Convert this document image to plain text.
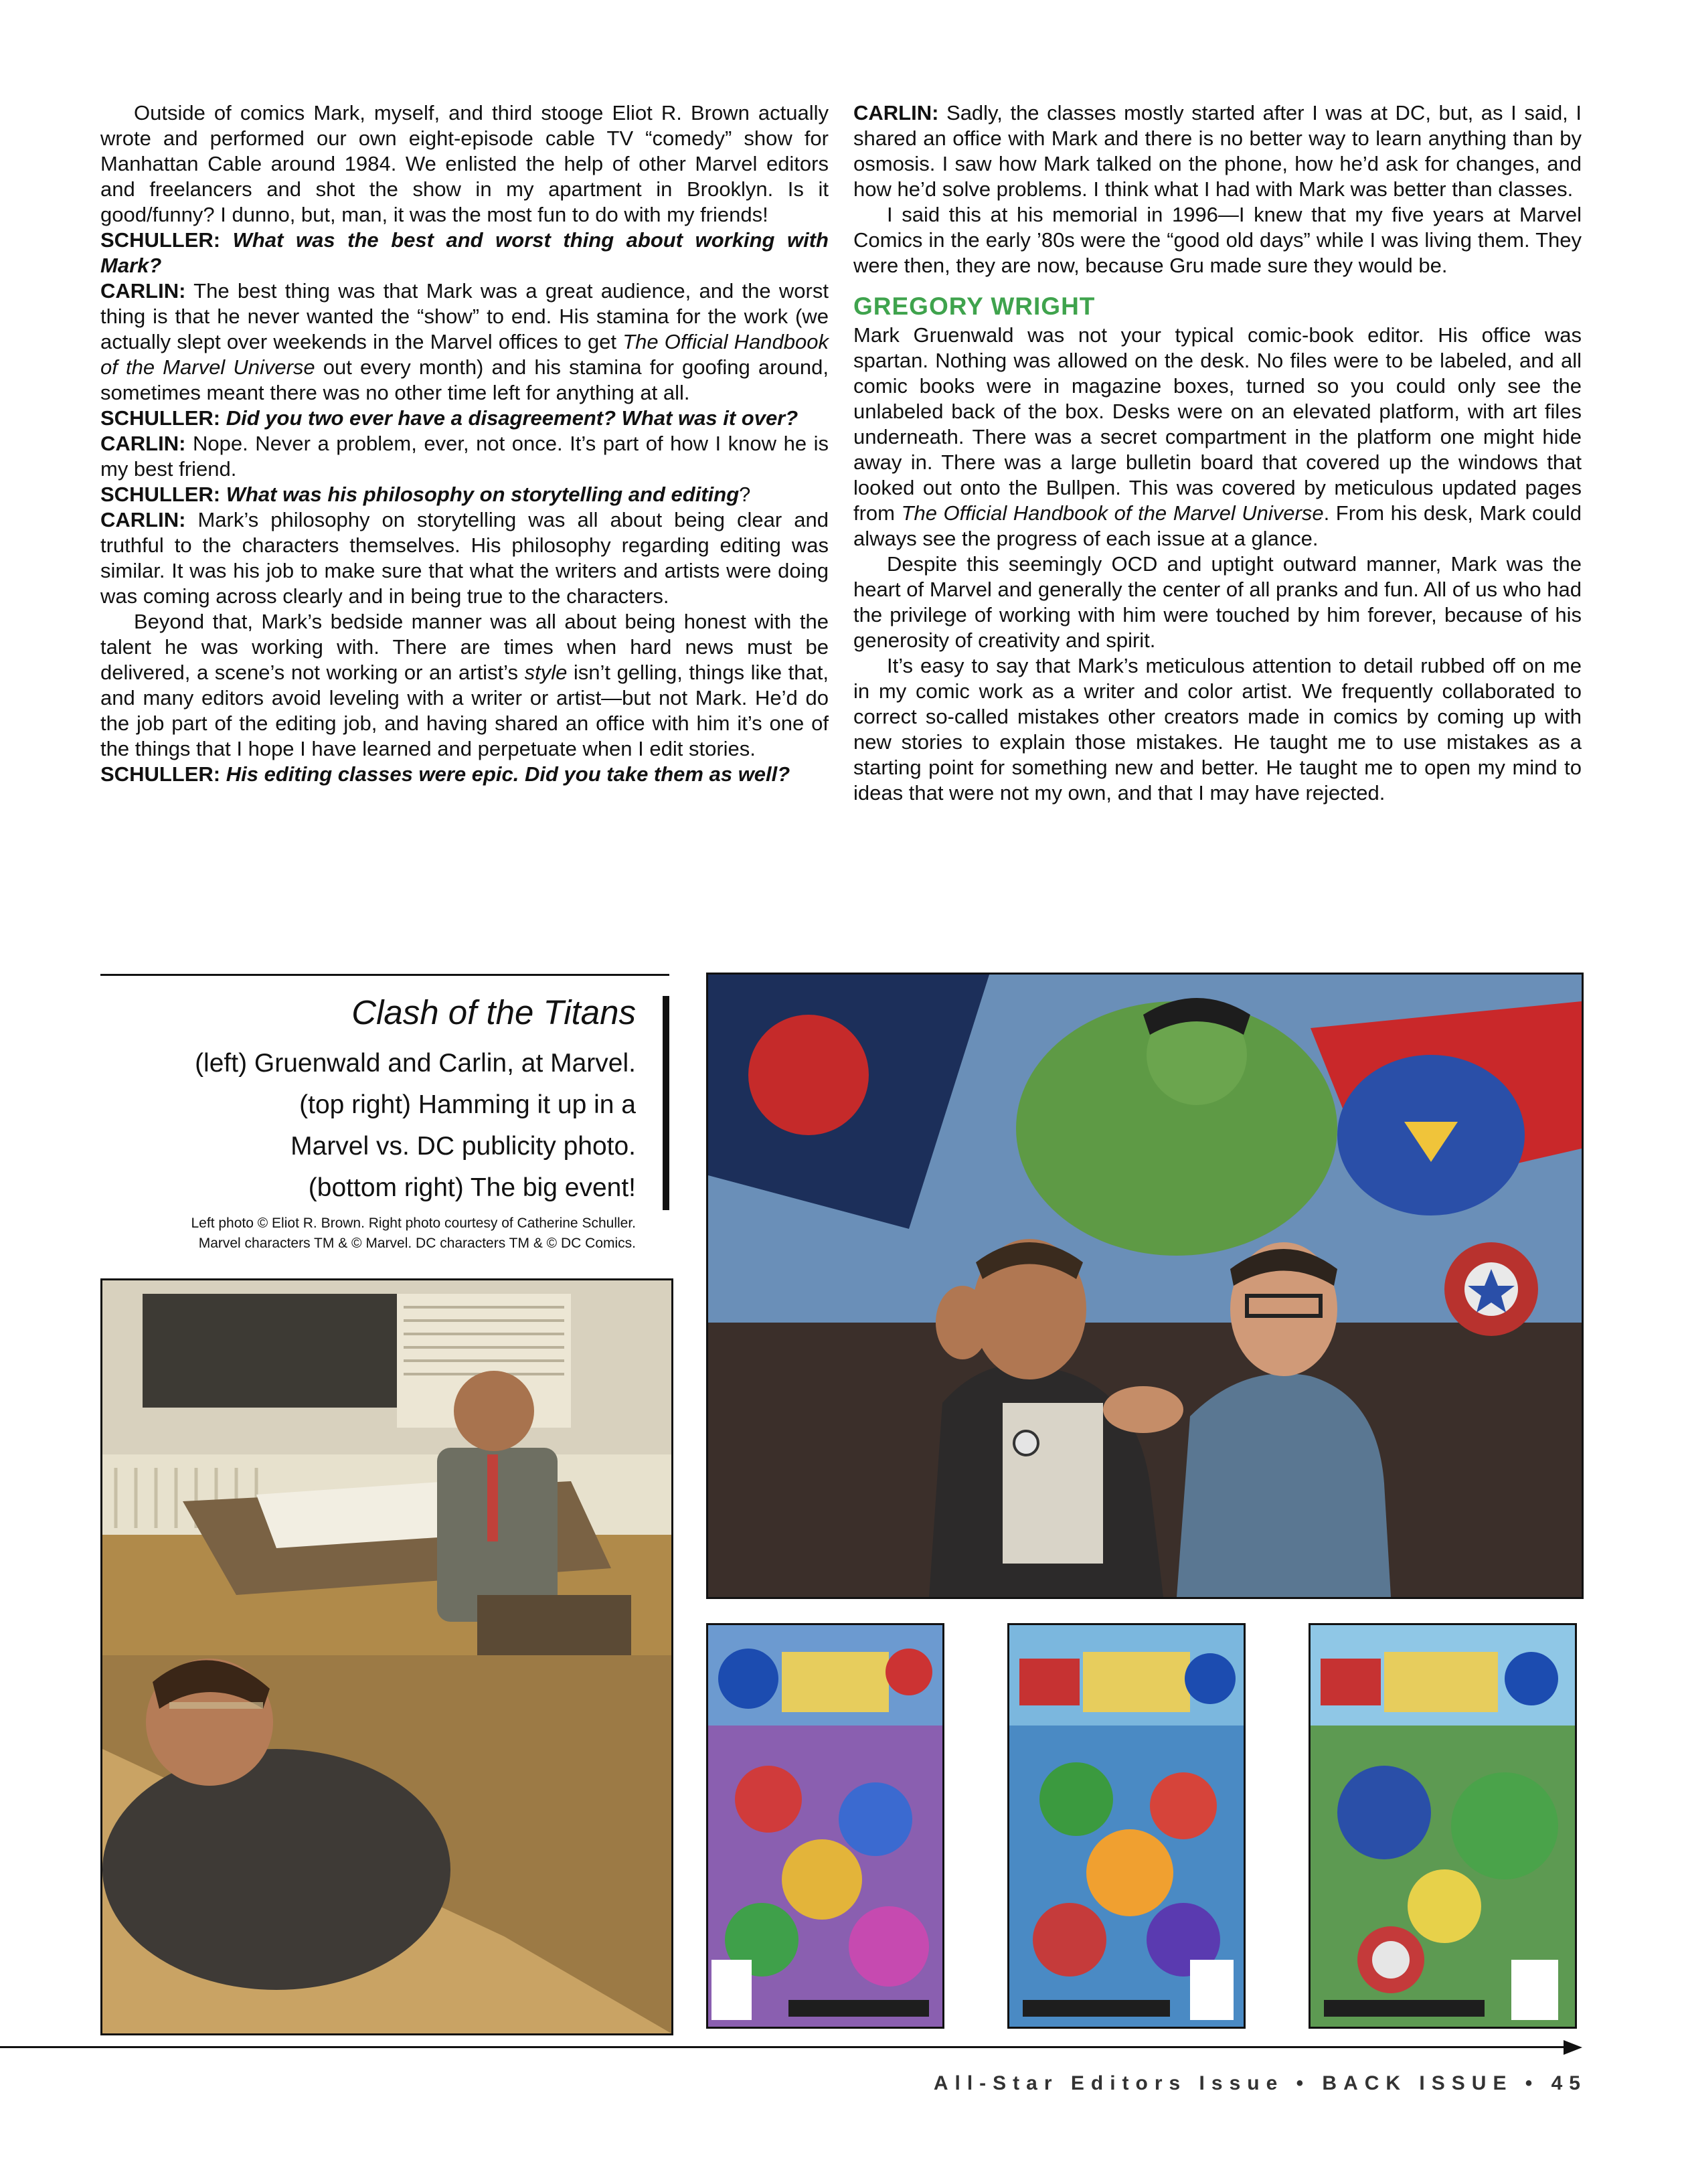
Outside of comics Mark, myself, and third stooge Eliot R. Brown actually wrote and performed our own eight-episode cable TV “comedy” show for Manhattan Cable around 1984. We enlisted the help of other Marvel editors and freelancers and shot the show in my apartment in Brooklyn. Is it good/funny? I dunno, but, man, it was the most fun to do with my friends!

SCHULLER: What was the best and worst thing about working with Mark?

CARLIN: The best thing was that Mark was a great audience, and the worst thing is that he never wanted the “show” to end. His stamina for the work (we actually slept over weekends in the Marvel offices to get The Official Handbook of the Marvel Universe out every month) and his stamina for goofing around, sometimes meant there was no other time left for anything at all.

SCHULLER: Did you two ever have a disagreement? What was it over?

CARLIN: Nope. Never a problem, ever, not once. It’s part of how I know he is my best friend.

SCHULLER: What was his philosophy on storytelling and editing?

CARLIN: Mark’s philosophy on storytelling was all about being clear and truthful to the characters themselves. His philosophy regarding editing was similar. It was his job to make sure that what the writers and artists were doing was coming across clearly and in being true to the characters.

Beyond that, Mark’s bedside manner was all about being honest with the talent he was working with. There are times when hard news must be delivered, a scene’s not working or an artist’s style isn’t gelling, things like that, and many editors avoid leveling with a writer or artist—but not Mark. He’d do the job part of the editing job, and having shared an office with him it’s one of the things that I hope I have learned and perpetuate when I edit stories.

SCHULLER: His editing classes were epic. Did you take them as well?

CARLIN: Sadly, the classes mostly started after I was at DC, but, as I said, I shared an office with Mark and there is no better way to learn anything than by osmosis. I saw how Mark talked on the phone, how he’d ask for changes, and how he’d solve problems. I think what I had with Mark was better than classes.

I said this at his memorial in 1996—I knew that my five years at Marvel Comics in the early ’80s were the “good old days” while I was living them. They were then, they are now, because Gru made sure they would be.

GREGORY WRIGHT

Mark Gruenwald was not your typical comic-book editor. His office was spartan. Nothing was allowed on the desk. No files were to be labeled, and all comic books were in magazine boxes, turned so you could only see the unlabeled back of the box. Desks were on an elevated platform, with art files underneath. There was a secret compartment in the platform one might hide away in. There was a large bulletin board that covered up the windows that looked out onto the Bullpen. This was covered by meticulous updated pages from The Official Handbook of the Marvel Universe. From his desk, Mark could always see the progress of each issue at a glance.

Despite this seemingly OCD and uptight outward manner, Mark was the heart of Marvel and generally the center of all pranks and fun. All of us who had the privilege of working with him were touched by him forever, because of his generosity of creativity and spirit.

It’s easy to say that Mark’s meticulous attention to detail rubbed off on me in my comic work as a writer and color artist. We frequently collaborated to correct so-called mistakes other creators made in comics by coming up with new stories to explain those mistakes. He taught me to use mistakes as a starting point for something new and better. He taught me to open my mind to ideas that were not my own, and that I may have rejected.

Clash of the Titans
(left) Gruenwald and Carlin, at Marvel.
(top right) Hamming it up in a
Marvel vs. DC publicity photo.
(bottom right) The big event!
Left photo © Eliot R. Brown. Right photo courtesy of Catherine Schuller.
Marvel characters TM & © Marvel. DC characters TM & © DC Comics.
All-Star Editors Issue • BACK ISSUE • 45
